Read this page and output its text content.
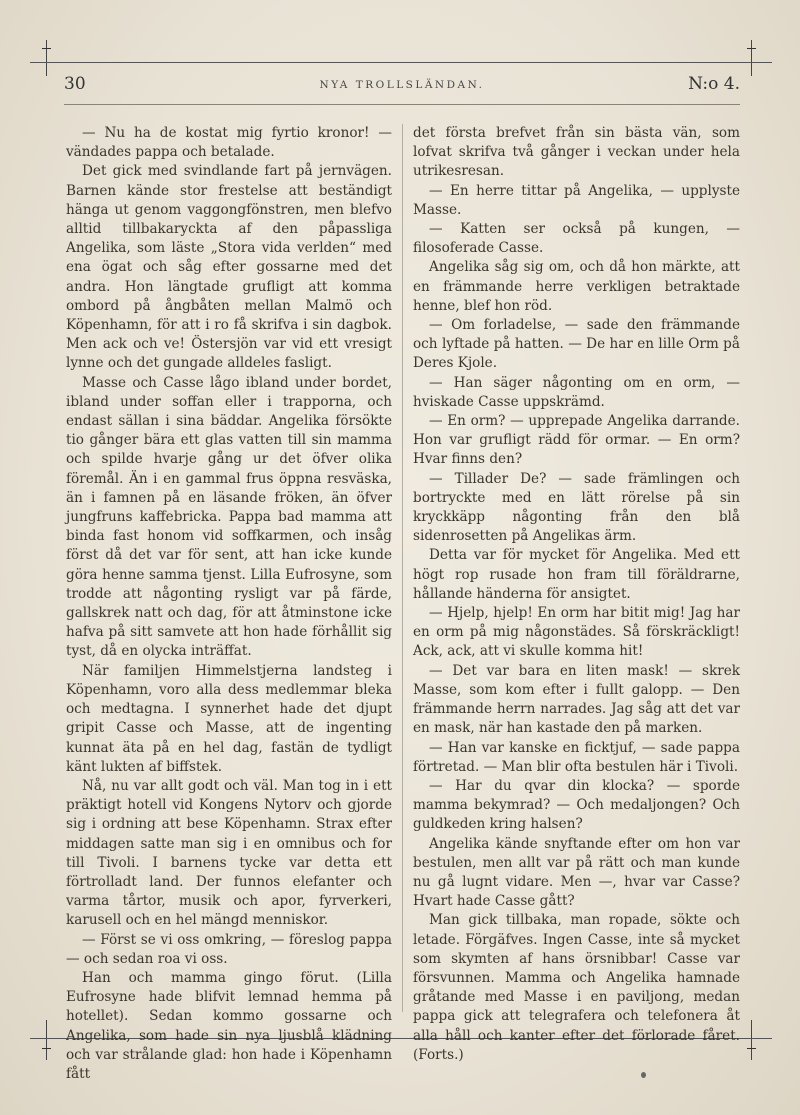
30	NYA TROLLSLÄNDAN.	N:o 4.

— Nu ha de kostat mig fyrtio kronor! — vändades pappa och betalade.

Det gick med svindlande fart på jernvägen. Barnen kände stor frestelse att beständigt hänga ut genom vaggongfönstren, men blefvo alltid tillbakaryckta af den påpassliga Angelika, som läste „Stora vida verlden“ med ena ögat och såg efter gossarne med det andra. Hon längtade grufligt att komma ombord på ångbåten mellan Malmö och Köpenhamn, för att i ro få skrifva i sin dagbok. Men ack och ve! Östersjön var vid ett vresigt lynne och det gungade alldeles fasligt.

Masse och Casse lågo ibland under bordet, ibland under soffan eller i trapporna, och endast sällan i sina bäddar. Angelika försökte tio gånger bära ett glas vatten till sin mamma och spilde hvarje gång ur det öfver olika föremål. Än i en gammal frus öppna resväska, än i famnen på en läsande fröken, än öfver jungfruns kaffebricka. Pappa bad mamma att binda fast honom vid soffkarmen, och insåg först då det var för sent, att han icke kunde göra henne samma tjenst. Lilla Eufrosyne, som trodde att någonting rysligt var på färde, gallskrek natt och dag, för att åtminstone icke hafva på sitt samvete att hon hade förhållit sig tyst, då en olycka inträffat.

När familjen Himmelstjerna landsteg i Köpenhamn, voro alla dess medlemmar bleka och medtagna. I synnerhet hade det djupt gripit Casse och Masse, att de ingenting kunnat äta på en hel dag, fastän de tydligt känt lukten af biffstek.

Nå, nu var allt godt och väl. Man tog in i ett präktigt hotell vid Kongens Nytorv och gjorde sig i ordning att bese Köpenhamn. Strax efter middagen satte man sig i en omnibus och for till Tivoli. I barnens tycke var detta ett förtrolladt land. Der funnos elefanter och varma tårtor, musik och apor, fyrverkeri, karusell och en hel mängd menniskor.

— Först se vi oss omkring, — föreslog pappa — och sedan roa vi oss.

Han och mamma gingo förut. (Lilla Eufrosyne hade blifvit lemnad hemma på hotellet). Sedan kommo gossarne och Angelika, som hade sin nya ljusblå klädning och var strålande glad: hon hade i Köpenhamn fått

det första brefvet från sin bästa vän, som lofvat skrifva två gånger i veckan under hela utrikesresan.

— En herre tittar på Angelika, — upplyste Masse.

— Katten ser också på kungen, — filosoferade Casse.

Angelika såg sig om, och då hon märkte, att en främmande herre verkligen betraktade henne, blef hon röd.

— Om forladelse, — sade den främmande och lyftade på hatten. — De har en lille Orm på Deres Kjole.

— Han säger någonting om en orm, — hviskade Casse uppskrämd.

— En orm? — upprepade Angelika darrande. Hon var grufligt rädd för ormar. — En orm? Hvar finns den?

— Tillader De? — sade främlingen och bortryckte med en lätt rörelse på sin kryckkäpp någonting från den blå sidenrosetten på Angelikas ärm.

Detta var för mycket för Angelika. Med ett högt rop rusade hon fram till föräldrarne, hållande händerna för ansigtet.

— Hjelp, hjelp! En orm har bitit mig! Jag har en orm på mig någonstädes. Så förskräckligt! Ack, ack, att vi skulle komma hit!

— Det var bara en liten mask! — skrek Masse, som kom efter i fullt galopp. — Den främmande herrn narrades. Jag såg att det var en mask, när han kastade den på marken.

— Han var kanske en ficktjuf, — sade pappa förtretad. — Man blir ofta bestulen här i Tivoli.

— Har du qvar din klocka? — sporde mamma bekymrad? — Och medaljongen? Och guldkeden kring halsen?

Angelika kände snyftande efter om hon var bestulen, men allt var på rätt och man kunde nu gå lugnt vidare. Men —, hvar var Casse? Hvart hade Casse gått?

Man gick tillbaka, man ropade, sökte och letade. Förgäfves. Ingen Casse, inte så mycket som skymten af hans örsnibbar! Casse var försvunnen. Mamma och Angelika hamnade gråtande med Masse i en paviljong, medan pappa gick att telegrafera och telefonera åt alla håll och kanter efter det förlorade fåret. (Forts.)
